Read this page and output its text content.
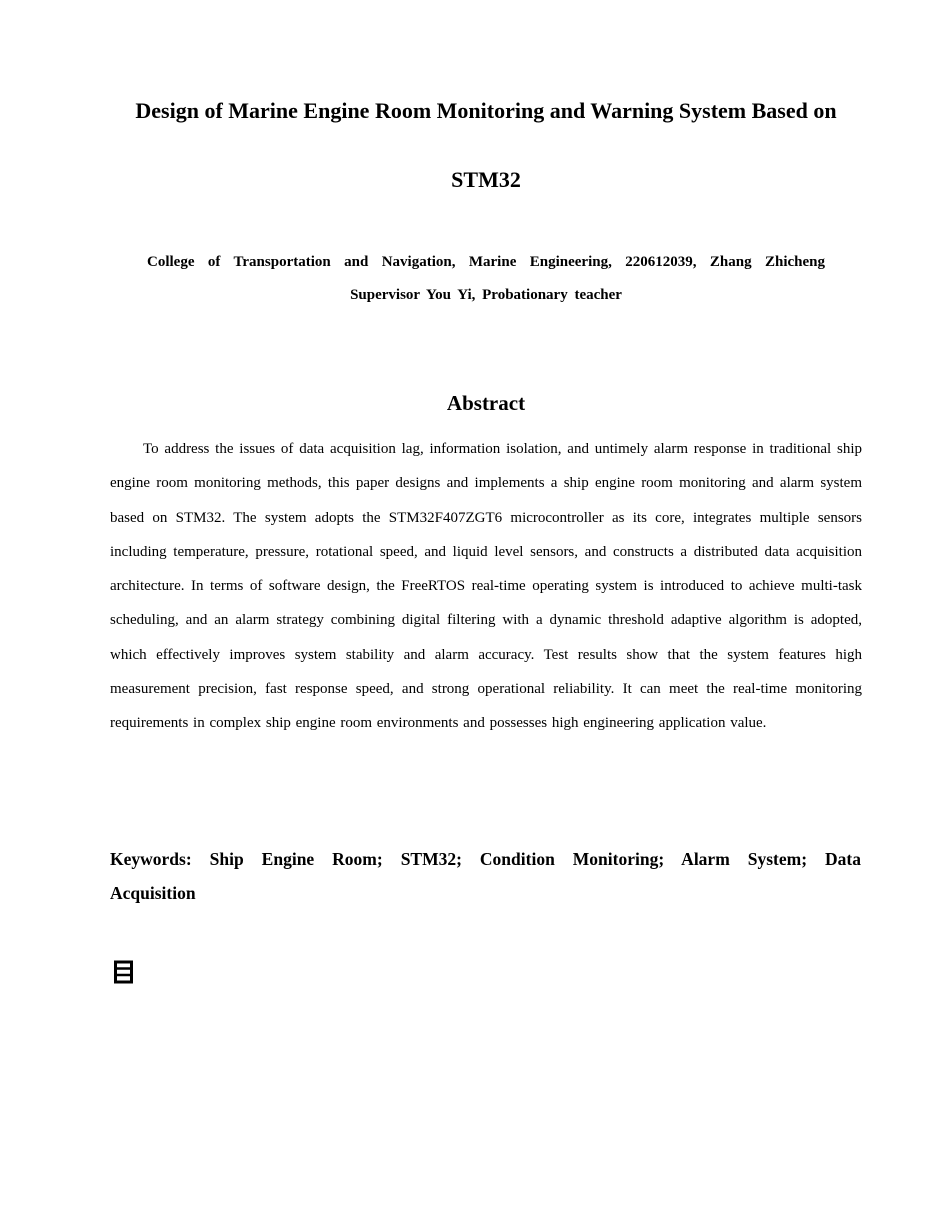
Design of Marine Engine Room Monitoring and Warning System Based on
STM32
College of Transportation and Navigation, Marine Engineering, 220612039, Zhang Zhicheng
Supervisor You Yi, Probationary teacher
Abstract

To address the issues of data acquisition lag, information isolation, and untimely alarm response in traditional ship engine room monitoring methods, this paper designs and implements a ship engine room monitoring and alarm system based on STM32. The system adopts the STM32F407ZGT6 microcontroller as its core, integrates multiple sensors including temperature, pressure, rotational speed, and liquid level sensors, and constructs a distributed data acquisition architecture. In terms of software design, the FreeRTOS real-time operating system is introduced to achieve multi-task scheduling, and an alarm strategy combining digital filtering with a dynamic threshold adaptive algorithm is adopted, which effectively improves system stability and alarm accuracy. Test results show that the system features high measurement precision, fast response speed, and strong operational reliability. It can meet the real-time monitoring requirements in complex ship engine room environments and possesses high engineering application value.

Keywords: Ship Engine Room; STM32; Condition Monitoring; Alarm System; Data Acquisition
